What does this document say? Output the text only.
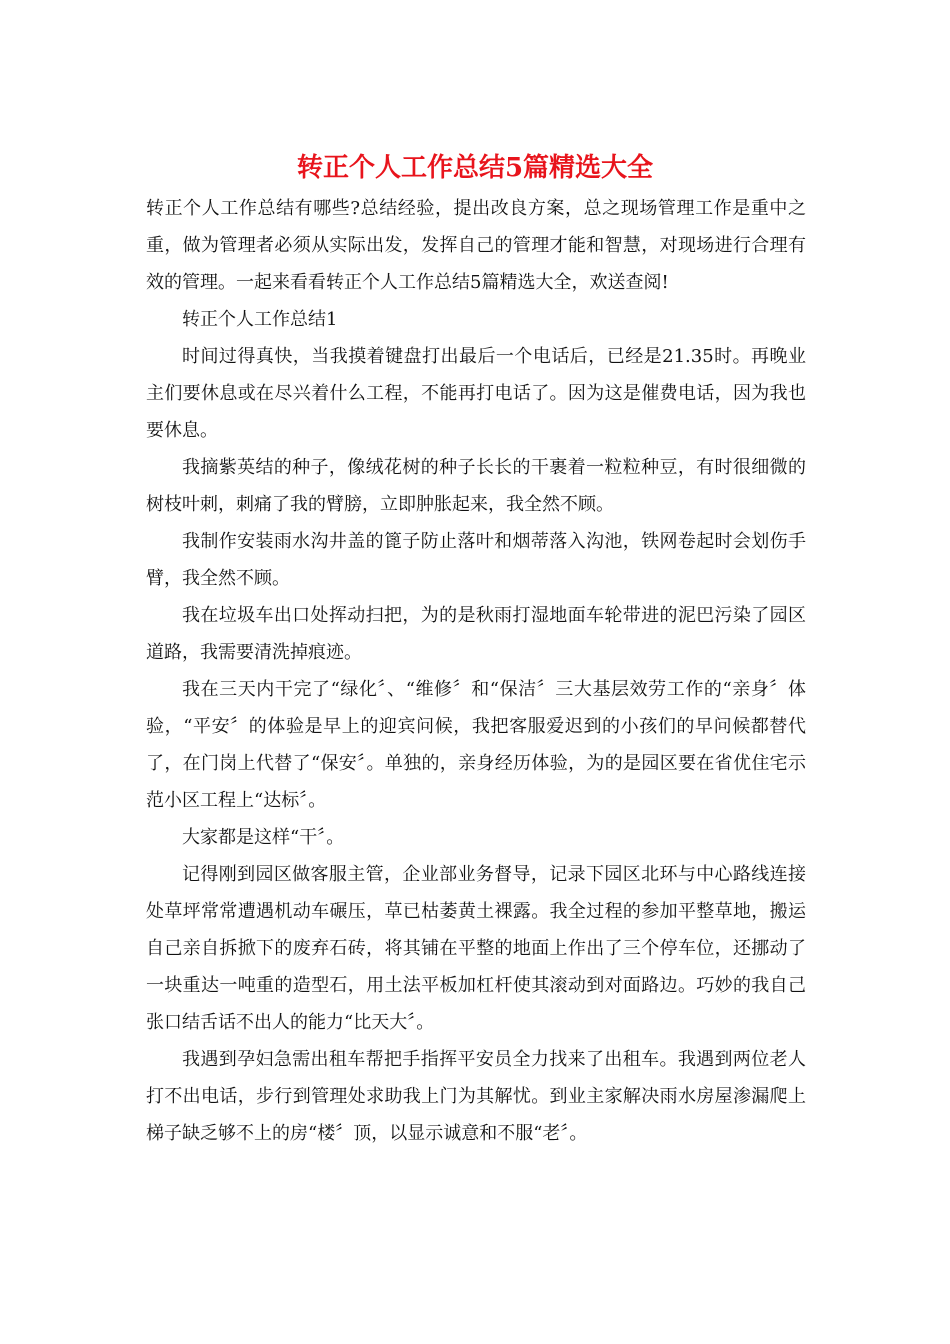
转正个人工作总结5篇精选大全

转正个人工作总结有哪些?总结经验，提出改良方案，总之现场管理工作是重中之重，做为管理者必须从实际出发，发挥自己的管理才能和智慧，对现场进行合理有效的管理。一起来看看转正个人工作总结5篇精选大全，欢送查阅!

转正个人工作总结1

时间过得真快，当我摸着键盘打出最后一个电话后，已经是21.35时。再晚业主们要休息或在尽兴着什么工程，不能再打电话了。因为这是催费电话，因为我也要休息。

我摘紫英结的种子，像绒花树的种子长长的干裹着一粒粒种豆，有时很细微的树枝叶刺，刺痛了我的臂膀，立即肿胀起来，我全然不顾。

我制作安装雨水沟井盖的篦子防止落叶和烟蒂落入沟池，铁网卷起时会划伤手臂，我全然不顾。

我在垃圾车出口处挥动扫把，为的是秋雨打湿地面车轮带进的泥巴污染了园区道路，我需要清洗掉痕迹。

我在三天内干完了“绿化〞、“维修〞和“保洁〞三大基层效劳工作的“亲身〞体验，“平安〞的体验是早上的迎宾问候，我把客服爱迟到的小孩们的早问候都替代了，在门岗上代替了“保安〞。单独的，亲身经历体验，为的是园区要在省优住宅示范小区工程上“达标〞。

大家都是这样“干〞。

记得刚到园区做客服主管，企业部业务督导，记录下园区北环与中心路线连接处草坪常常遭遇机动车碾压，草已枯萎黄土裸露。我全过程的参加平整草地，搬运自己亲自拆掀下的废弃石砖，将其铺在平整的地面上作出了三个停车位，还挪动了一块重达一吨重的造型石，用土法平板加杠杆使其滚动到对面路边。巧妙的我自己张口结舌话不出人的能力“比天大〞。

我遇到孕妇急需出租车帮把手指挥平安员全力找来了出租车。我遇到两位老人打不出电话，步行到管理处求助我上门为其解忧。到业主家解决雨水房屋渗漏爬上梯子缺乏够不上的房“楼〞顶，以显示诚意和不服“老〞。
